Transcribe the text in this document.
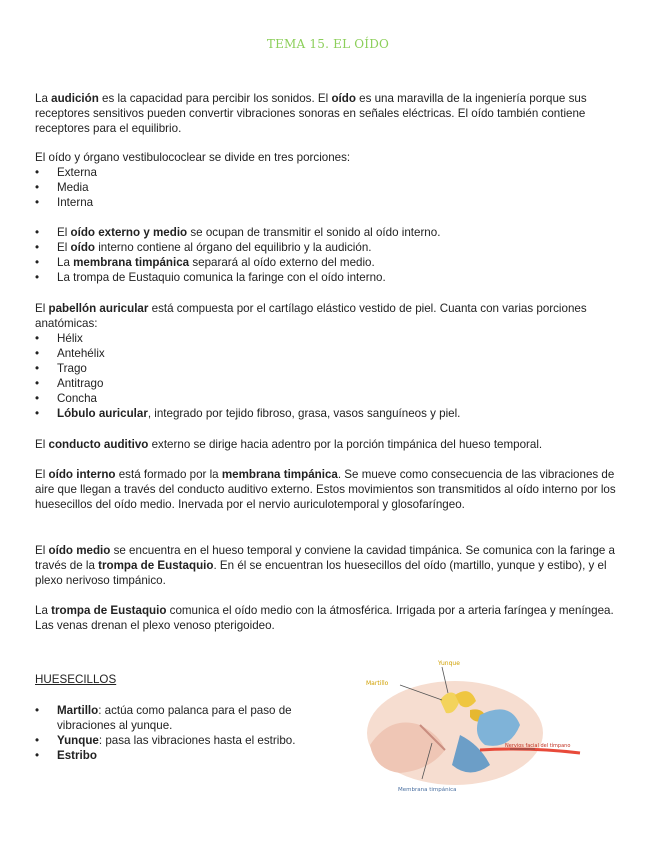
TEMA 15. EL OÍDO

La audición es la capacidad para percibir los sonidos. El oído es una maravilla de la ingeniería porque sus receptores sensitivos pueden convertir vibraciones sonoras en señales eléctricas. El oído también contiene receptores para el equilibrio.

El oído y órgano vestibulococlear se divide en tres porciones:

• Externa
• Media
• Interna
• El oído externo y medio se ocupan de transmitir el sonido al oído interno.
• El oído interno contiene al órgano del equilibrio y la audición.
• La membrana timpánica separará al oído externo del medio.
• La trompa de Eustaquio comunica la faringe con el oído interno.

El pabellón auricular está compuesta por el cartílago elástico vestido de piel. Cuanta con varias porciones anatómicas:

• Hélix
• Antehélix
• Trago
• Antitrago
• Concha
• Lóbulo auricular, integrado por tejido fibroso, grasa, vasos sanguíneos y piel.

El conducto auditivo externo se dirige hacia adentro por la porción timpánica del hueso temporal.

El oído interno está formado por la membrana timpánica. Se mueve como consecuencia de las vibraciones de aire que llegan a través del conducto auditivo externo. Estos movimientos son transmitidos al oído interno por los huesecillos del oído medio. Inervada por el nervio auriculotemporal y glosofaríngeo.

El oído medio se encuentra en el hueso temporal y conviene la cavidad timpánica. Se comunica con la faringe a través de la trompa de Eustaquio. En él se encuentran los huesecillos del oído (martillo, yunque y estibo), y el plexo nerivoso timpánico.

La trompa de Eustaquio comunica el oído medio con la átmosférica. Irrigada por a arteria faríngea y meníngea. Las venas drenan el plexo venoso pterigoideo.

HUESECILLOS
• Martillo: actúa como palanca para el paso de vibraciones al yunque.
• Yunque: pasa las vibraciones hasta el estribo.
• Estribo
Yunque
Martillo
Membrana timpánica
Nervios facial del tímpano
